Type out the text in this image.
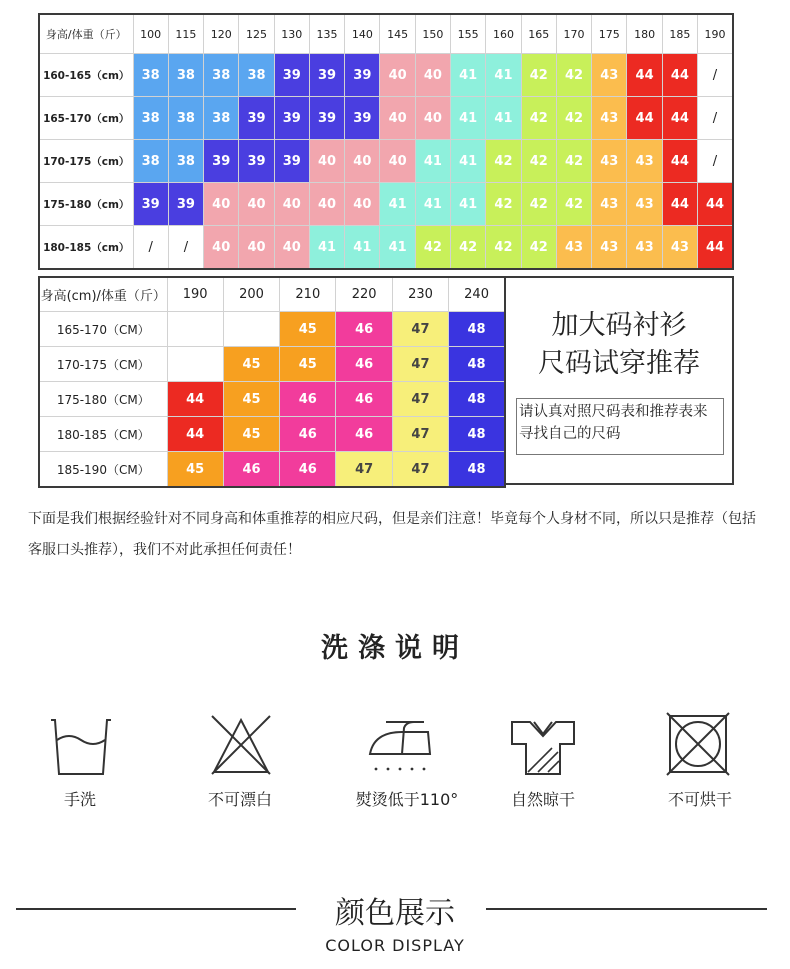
身高/体重（斤）	100	115	120	125	130	135	140	145	150	155	160	165	170	175	180	185	190
160-165（cm）	38	38	38	38	39	39	39	40	40	41	41	42	42	43	44	44	/
165-170（cm）	38	38	38	39	39	39	39	40	40	41	41	42	42	43	44	44	/
170-175（cm）	38	38	39	39	39	40	40	40	41	41	42	42	42	43	43	44	/
175-180（cm）	39	39	40	40	40	40	40	41	41	41	42	42	42	43	43	44	44
180-185（cm）	/	/	40	40	40	41	41	41	42	42	42	42	43	43	43	43	44
身高(cm)/体重（斤）	190	200	210	220	230	240
165-170（CM）			45	46	47	48
170-175（CM）		45	45	46	47	48
175-180（CM）	44	45	46	46	47	48
180-185（CM）	44	45	46	46	47	48
185-190（CM）	45	46	46	47	47	48
加大码衬衫
尺码试穿推荐
请认真对照尺码表和推荐表来寻找自己的尺码
下面是我们根据经验针对不同身高和体重推荐的相应尺码，但是亲们注意！毕竟每个人身材不同，所以只是推荐（包括客服口头推荐），我们不对此承担任何责任！
洗涤说明
手洗	不可漂白	熨烫低于110°	自然晾干	不可烘干
颜色展示
COLOR DISPLAY
